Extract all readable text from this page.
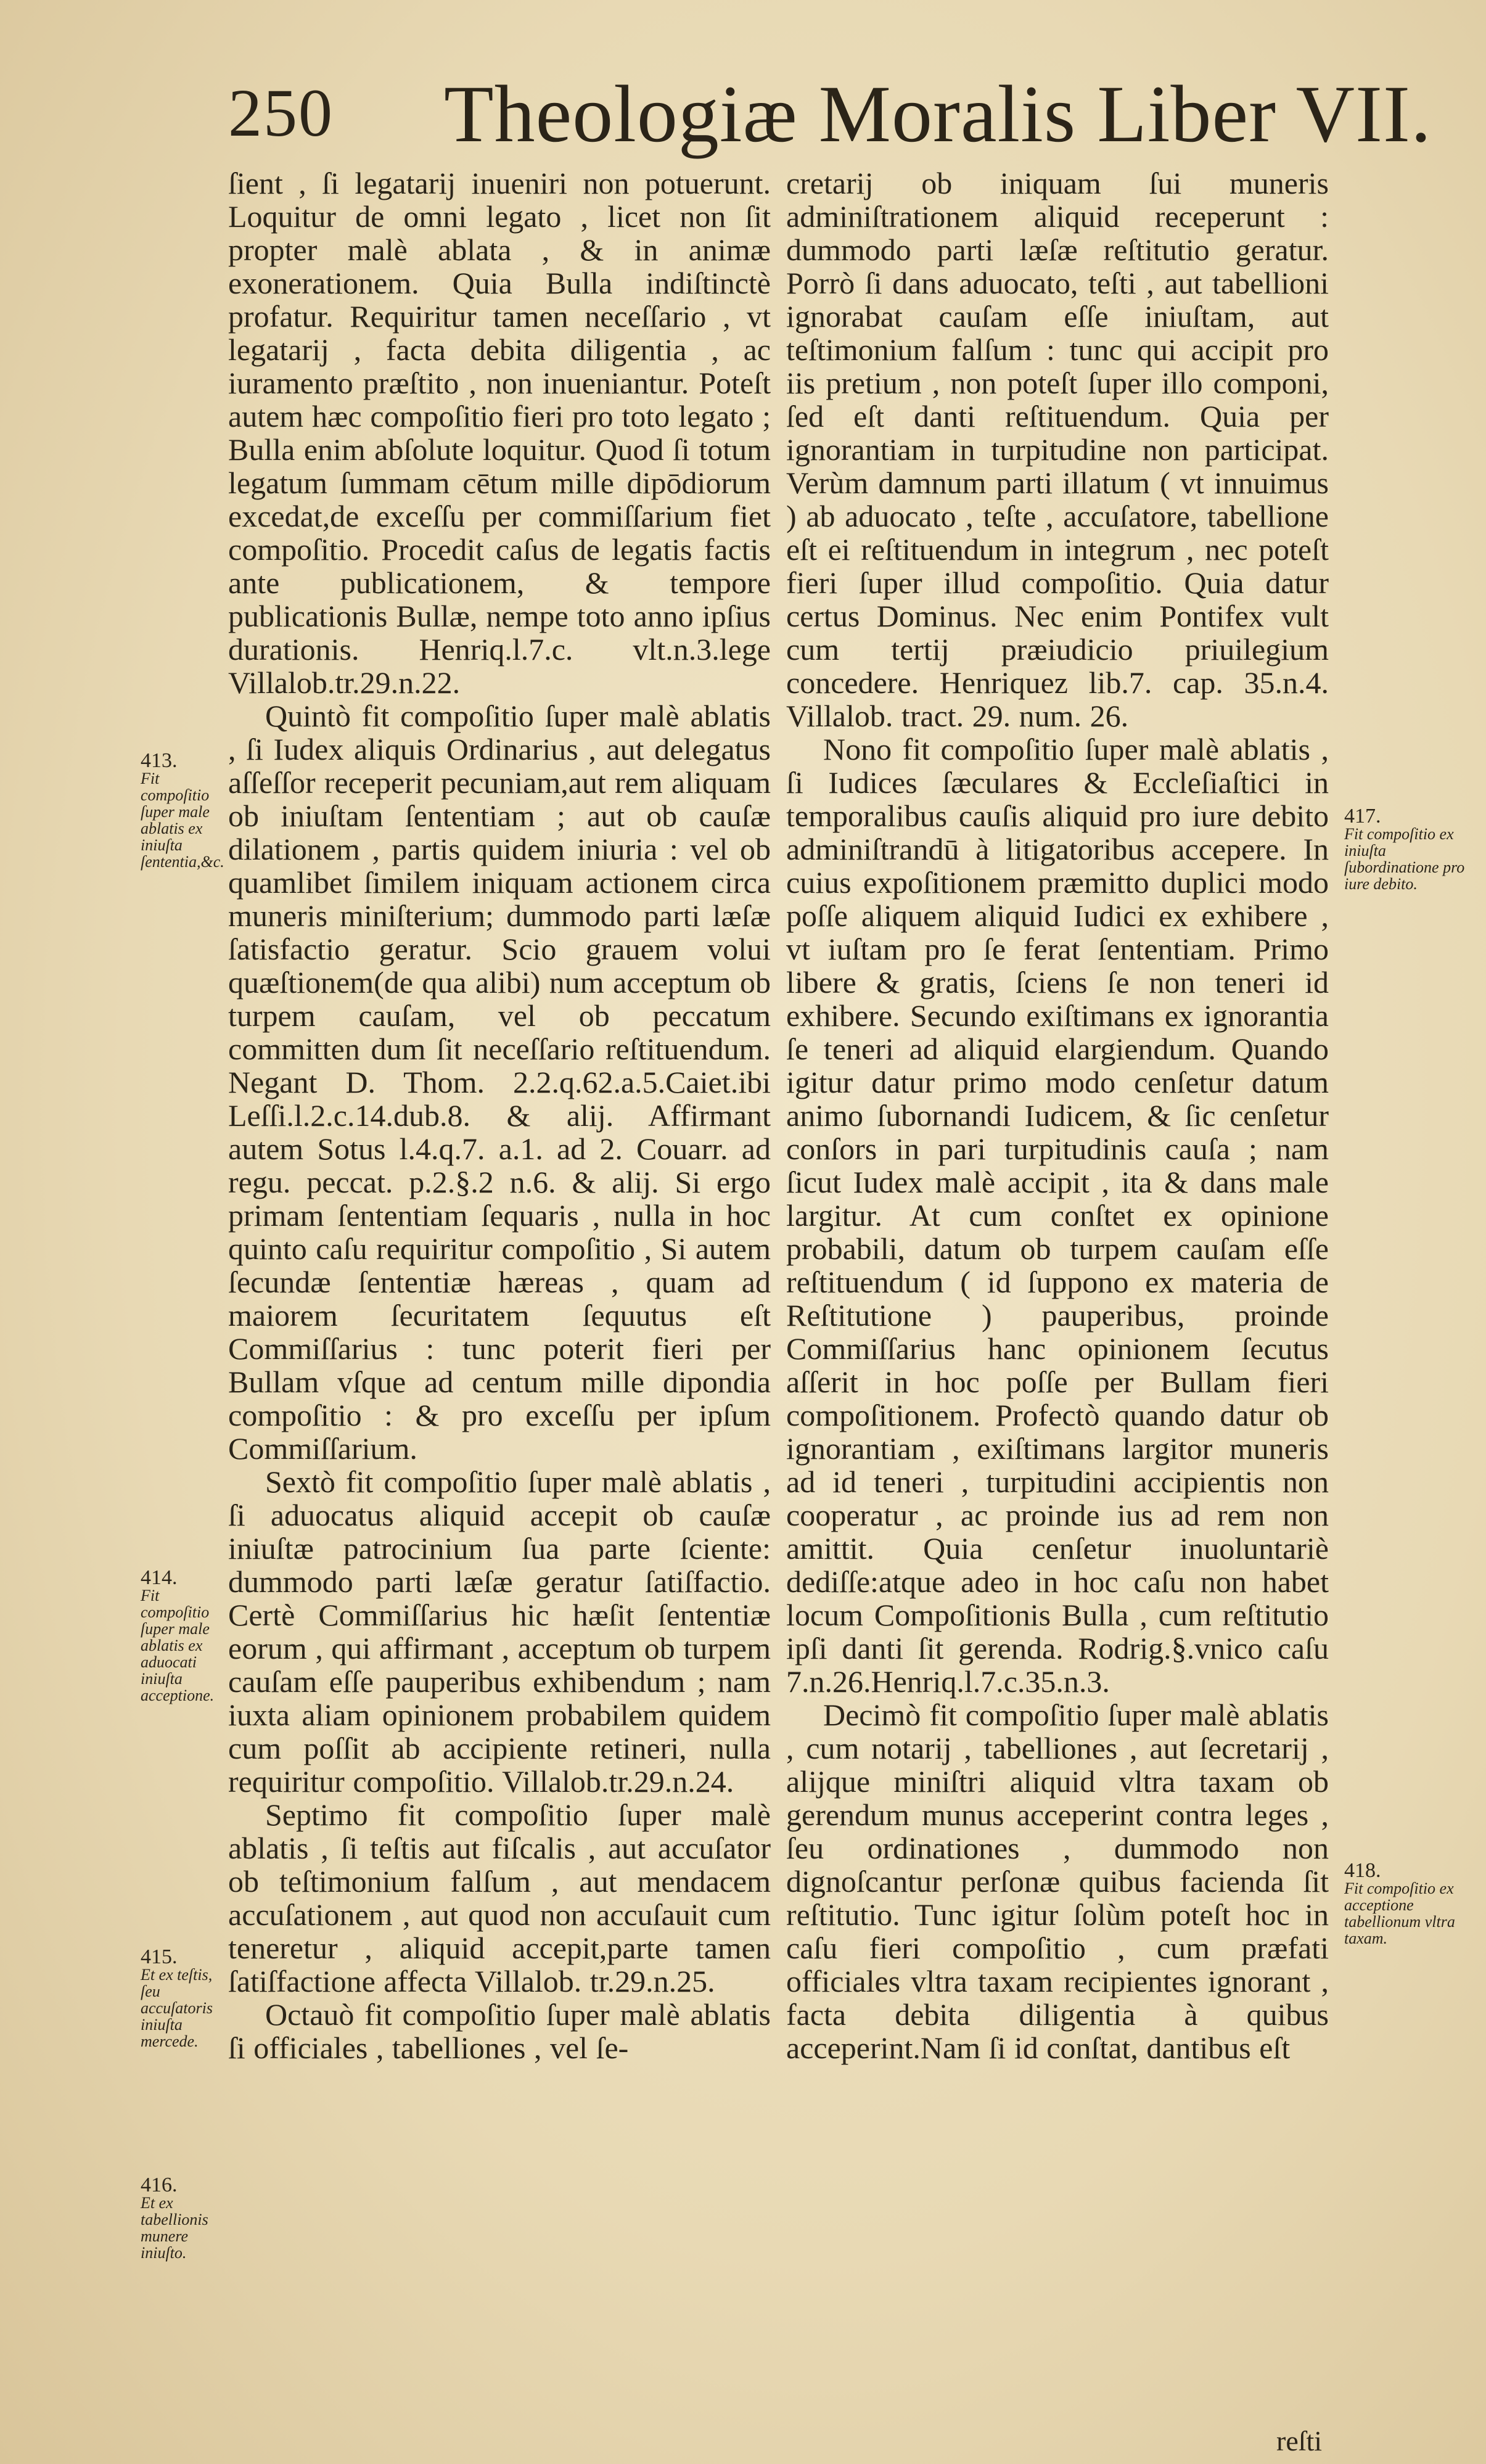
250 Theologiæ Moralis Liber VII.

ſient , ſi legatarij inueniri non potuerunt. Loquitur de omni legato , licet non ſit propter malè ablata , & in animæ exonerationem. Quia Bulla indiſtinctè profatur. Requiritur tamen neceſſario , vt legatarij , facta debita diligentia , ac iuramento præſtito , non inueniantur. Poteſt autem hæc compoſitio fieri pro toto legato ; Bulla enim abſolute loquitur. Quod ſi totum legatum ſummam cētum mille dipōdiorum excedat,de exceſſu per commiſſarium fiet compoſitio. Procedit caſus de legatis factis ante publicationem, & tempore publicationis Bullæ, nempe toto anno ipſius durationis. Henriq.l.7.c. vlt.n.3.lege Villalob.tr.29.n.22.

Quintò fit compoſitio ſuper malè ablatis , ſi Iudex aliquis Ordinarius , aut delegatus aſſeſſor receperit pecuniam,aut rem aliquam ob iniuſtam ſententiam ; aut ob cauſæ dilationem , partis quidem iniuria : vel ob quamlibet ſimilem iniquam actionem circa muneris miniſterium; dummodo parti læſæ ſatisfactio geratur. Scio grauem volui quæſtionem(de qua alibi) num acceptum ob turpem cauſam, vel ob peccatum committen dum ſit neceſſario reſtituendum. Negant D. Thom. 2.2.q.62.a.5.Caiet.ibi Leſſi.l.2.c.14.dub.8. & alij. Affirmant autem Sotus l.4.q.7. a.1. ad 2. Couarr. ad regu. peccat. p.2.§.2 n.6. & alij. Si ergo primam ſententiam ſequaris , nulla in hoc quinto caſu requiritur compoſitio , Si autem ſecundæ ſententiæ hæreas , quam ad maiorem ſecuritatem ſequutus eſt Commiſſarius : tunc poterit fieri per Bullam vſque ad centum mille dipondia compoſitio : & pro exceſſu per ipſum Commiſſarium.

Sextò fit compoſitio ſuper malè ablatis , ſi aduocatus aliquid accepit ob cauſæ iniuſtæ patrocinium ſua parte ſciente: dummodo parti læſæ geratur ſatiſfactio. Certè Commiſſarius hic hæſit ſententiæ eorum , qui affirmant , acceptum ob turpem cauſam eſſe pauperibus exhibendum ; nam iuxta aliam opinionem probabilem quidem cum poſſit ab accipiente retineri, nulla requiritur compoſitio. Villalob.tr.29.n.24.

Septimo fit compoſitio ſuper malè ablatis , ſi teſtis aut fiſcalis , aut accuſator ob teſtimonium falſum , aut mendacem accuſationem , aut quod non accuſauit cum teneretur , aliquid accepit,parte tamen ſatiſfactione affecta Villalob. tr.29.n.25.

Octauò fit compoſitio ſuper malè ablatis ſi officiales , tabelliones , vel ſe-

cretarij ob iniquam ſui muneris adminiſtrationem aliquid receperunt : dummodo parti læſæ reſtitutio geratur. Porrò ſi dans aduocato, teſti , aut tabellioni ignorabat cauſam eſſe iniuſtam, aut teſtimonium falſum : tunc qui accipit pro iis pretium , non poteſt ſuper illo componi, ſed eſt danti reſtituendum. Quia per ignorantiam in turpitudine non participat. Verùm damnum parti illatum ( vt innuimus ) ab aduocato , teſte , accuſatore, tabellione eſt ei reſtituendum in integrum , nec poteſt fieri ſuper illud compoſitio. Quia datur certus Dominus. Nec enim Pontifex vult cum tertij præiudicio priuilegium concedere. Henriquez lib.7. cap. 35.n.4. Villalob. tract. 29. num. 26.

Nono fit compoſitio ſuper malè ablatis , ſi Iudices ſæculares & Eccleſiaſtici in temporalibus cauſis aliquid pro iure debito adminiſtrandū à litigatoribus accepere. In cuius expoſitionem præmitto duplici modo poſſe aliquem aliquid Iudici ex exhibere , vt iuſtam pro ſe ferat ſententiam. Primo libere & gratis, ſciens ſe non teneri id exhibere. Secundo exiſtimans ex ignorantia ſe teneri ad aliquid elargiendum. Quando igitur datur primo modo cenſetur datum animo ſubornandi Iudicem, & ſic cenſetur conſors in pari turpitudinis cauſa ; nam ſicut Iudex malè accipit , ita & dans male largitur. At cum conſtet ex opinione probabili, datum ob turpem cauſam eſſe reſtituendum ( id ſuppono ex materia de Reſtitutione ) pauperibus, proinde Commiſſarius hanc opinionem ſecutus aſſerit in hoc poſſe per Bullam fieri compoſitionem. Profectò quando datur ob ignorantiam , exiſtimans largitor muneris ad id teneri , turpitudini accipientis non cooperatur , ac proinde ius ad rem non amittit. Quia cenſetur inuoluntariè dediſſe:atque adeo in hoc caſu non habet locum Compoſitionis Bulla , cum reſtitutio ipſi danti ſit gerenda. Rodrig.§.vnico caſu 7.n.26.Henriq.l.7.c.35.n.3.

Decimò fit compoſitio ſuper malè ablatis , cum notarij , tabelliones , aut ſecretarij , alijque miniſtri aliquid vltra taxam ob gerendum munus acceperint contra leges , ſeu ordinationes , dummodo non dignoſcantur perſonæ quibus facienda ſit reſtitutio. Tunc igitur ſolùm poteſt hoc in caſu fieri compoſitio , cum præfati officiales vltra taxam recipientes ignorant , facta debita diligentia à quibus acceperint.Nam ſi id conſtat, dantibus eſt

413.
Fit compoſitio ſuper male ablatis ex iniuſta ſententia,&c.
414.
Fit compoſitio ſuper male ablatis ex aduocati iniuſta acceptione.
415.
Et ex teſtis, ſeu accuſatoris iniuſta mercede.
416.
Et ex tabellionis munere iniuſto.
417.
Fit compoſitio ex iniuſta ſubordinatione pro iure debito.
418.
Fit compoſitio ex acceptione tabellionum vltra taxam.
reſti
